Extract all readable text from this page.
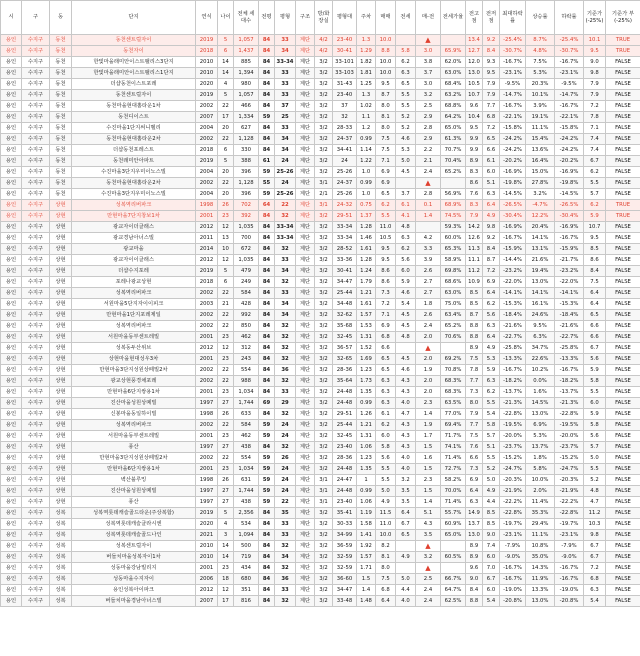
시	구	동	단지	연식	나이	전체 세대수	전평	평형	구조	방/화장실	평형대	주차	매매	전세	매-전	전세가율	전고점	전저점	최대하락률	상승률	하락률	기준가 (-25%)	기준가 부 (-25%)
용인	수지구	동천	동천센트럴자이	2019	5	1,057	84	33	계단	4/2	23-40	1.3	10.0		▲		13.4	9.2	-25.4%	8.7%	-25.4%	10.1	TRUE
용인	수지구	동천	동천자이	2018	6	1,437	84	34	계단	4/2	30-41	1.29	8.8	5.8	3.0	65.9%	12.7	8.4	-30.7%	4.8%	-30.7%	9.5	TRUE
용인	수지구	동천	한빛마을래미안이스트팰리스3단지	2010	14	885	84	33-34	계단	3/2	33-101	1.82	10.0	6.2	3.8	62.0%	12.0	9.3	-16.7%	7.5%	-16.7%	9.0	FALSE
용인	수지구	동천	한빛마을래미안이스트팰리스1단지	2010	14	1,394	84	33	계단	3/2	33-103	1.81	10.0	6.3	3.7	63.0%	13.0	9.5	-23.1%	5.3%	-23.1%	9.8	FALSE
용인	수지구	동천	더샵동천이스트포레	2020	4	980	84	33	계단	3/2	31-43	1.25	9.5	6.5	3.0	68.4%	10.5	7.9	-9.5%	20.3%	-9.5%	7.9	FALSE
용인	수지구	동천	동천센트럴자이	2019	5	1,057	84	33	계단	3/2	23-40	1.3	8.7	5.5	3.2	63.2%	10.7	7.9	-14.7%	10.1%	-14.7%	7.9	FALSE
용인	수지구	동천	동천마을현대홈타운1차	2002	22	466	84	37	계단	3/2	37	1.02	8.0	5.5	2.5	68.8%	9.6	7.7	-16.7%	3.9%	-16.7%	7.2	FALSE
용인	수지구	동천	동천디이스트	2007	17	1,334	59	25	계단	3/2	32	1.1	8.1	5.2	2.9	64.2%	10.4	6.8	-22.1%	19.1%	-22.1%	7.8	FALSE
용인	수지구	동천	수진마을1단지써니벨리	2004	20	627	84	33	계단	3/2	28-33	1.2	8.0	5.2	2.8	65.0%	9.5	7.2	-15.8%	11.1%	-15.8%	7.1	FALSE
용인	수지구	동천	동천마을현대홈타운2차	2002	22	1,128	84	34	계단	3/2	24-37	0.99	7.5	4.6	2.9	61.3%	9.9	6.5	-24.2%	15.4%	-24.2%	7.4	FALSE
용인	수지구	동천	더샵동천포레스트	2018	6	330	84	34	계단	3/2	34-41	1.14	7.5	5.3	2.2	70.7%	9.9	6.6	-24.2%	13.6%	-24.2%	7.4	FALSE
용인	수지구	동천	동천래미안아파트	2019	5	388	61	24	계단	3/2	24	1.22	7.1	5.0	2.1	70.4%	8.9	6.1	-20.2%	16.4%	-20.2%	6.7	FALSE
용인	수지구	동천	수진마을3단지우미이노스빌	2004	20	396	59	25-26	계단	3/2	25-26	1.0	6.9	4.5	2.4	65.2%	8.3	6.0	-16.9%	15.0%	-16.9%	6.2	FALSE
용인	수지구	동천	동천마을현대홈타운2차	2002	22	1,128	55	24	계단	3/1	24-37	0.99	6.9		▲		8.6	5.1	-19.8%	27.8%	-19.8%	5.5	FALSE
용인	수지구	동천	수진마을3단지우미이노스빌	2004	20	396	59	25-26	계단	2/1	25-26	1.0	6.5	3.7	2.8	56.9%	7.6	6.3	-14.5%	3.2%	-14.5%	5.7	FALSE
용인	수지구	상현	성복역리버파크	1998	26	702	64	22	계단	3/1	24-32	0.75	6.2	6.1	0.1	68.9%	8.3	6.4	-26.5%	-4.7%	-26.5%	6.2	TRUE
용인	수지구	상현	만현마을7단지창보1차	2001	23	392	84	32	계단	3/2	29-51	1.37	5.5	4.1	1.4	74.5%	7.9	4.9	-30.4%	12.2%	-30.4%	5.9	TRUE
용인	수지구	상현	광교자이더클래스	2012	12	1,035	84	33-34	계단	3/2	33-34	1.28	11.0	4.8		59.3%	14.2	9.8	-16.9%	20.4%	-16.9%	10.7	FALSE
용인	수지구	상현	광교경남아너스빌	2011	13	700	84	33-34	계단	3/2	33-34	1.46	10.5	6.3	4.2	60.0%	12.6	9.2	-16.7%	14.1%	-16.7%	9.5	FALSE
용인	수지구	상현	광교마을	2014	10	672	84	32	계단	3/2	28-52	1.61	9.5	6.2	3.3	65.3%	11.3	8.4	-15.9%	13.1%	-15.9%	8.5	FALSE
용인	수지구	상현	광교자이이클래스	2012	12	1,035	84	33	계단	3/2	33-36	1.28	9.5	5.6	3.9	58.9%	11.1	8.7	-14.4%	21.6%	-21.7%	8.6	FALSE
용인	수지구	상현	더샵수지포레	2019	5	479	84	34	계단	3/2	30-41	1.24	8.6	6.0	2.6	69.8%	11.2	7.2	-23.2%	19.4%	-23.2%	8.4	FALSE
용인	수지구	상현	포레나광교상현	2018	6	249	84	32	계단	3/2	34-47	1.79	8.6	5.9	2.7	68.6%	10.9	6.9	-22.0%	13.0%	-22.0%	7.5	FALSE
용인	수지구	상현	성복역리버파크	2002	22	584	84	33	계단	3/2	25-44	1.21	7.3	4.6	2.7	63.0%	8.5	6.4	-14.1%	14.1%	-14.1%	6.4	FALSE
용인	수지구	상현	서원마을5단지자이이피크	2003	21	428	84	34	계단	3/2	34-48	1.61	7.2	5.4	1.8	75.0%	8.5	6.2	-15.3%	16.1%	-15.3%	6.4	FALSE
용인	수지구	상현	만현마을1단지포레제일	2002	22	992	84	34	계단	3/2	32-62	1.57	7.1	4.5	2.6	63.4%	8.7	5.6	-18.4%	24.6%	-18.4%	6.5	FALSE
용인	수지구	상현	성복역리버파크	2002	22	850	84	32	계단	3/2	35-68	1.53	6.9	4.5	2.4	65.2%	8.8	6.3	-21.6%	9.5%	-21.6%	6.6	FALSE
용인	수지구	상현	서원마을동부센트레빌	2001	23	462	84	32	계단	3/2	32-45	1.31	6.8	4.8	2.0	70.6%	8.8	6.4	-22.7%	6.3%	-22.7%	6.6	FALSE
용인	수지구	상현	성복동두산위브	2012	12	312	84	32	계단	3/2	36-57	1.52	6.6		▲		8.9	4.9	-25.8%	34.7%	-25.8%	6.7	FALSE
용인	수지구	상현	상현마을현대성우3차	2001	23	243	84	32	계단	3/2	32-65	1.69	6.5	4.5	2.0	69.2%	7.5	5.3	-13.3%	22.6%	-13.3%	5.6	FALSE
용인	수지구	상현	만현마을3단지성원상떼빌2차	2002	22	554	84	36	계단	3/2	28-36	1.23	6.5	4.6	1.9	70.8%	7.8	5.9	-16.7%	10.2%	-16.7%	5.9	FALSE
용인	수지구	상현	광교상현풍경채포레	2002	22	988	84	32	계단	3/2	35-64	1.73	6.3	4.3	2.0	68.3%	7.7	6.3	-18.2%	0.0%	-18.2%	5.8	FALSE
용인	수지구	상현	만현마을6단지쌍용1차	2001	23	1,034	84	33	계단	3/2	24-48	1.35	6.3	4.3	2.0	68.3%	7.3	6.2	-13.7%	1.6%	-13.7%	5.5	FALSE
용인	수지구	상현	진산마을성원상떼빌	1997	27	1,744	69	29	계단	3/2	24-48	0.99	6.3	4.0	2.3	63.5%	8.0	5.5	-21.3%	14.5%	-21.3%	6.0	FALSE
용인	수지구	상현	신봉마을동일하이빌	1998	26	633	84	32	계단	3/2	29-51	1.26	6.1	4.7	1.4	77.0%	7.9	5.4	-22.8%	13.0%	-22.8%	5.9	FALSE
용인	수지구	상현	성복역리버파크	2002	22	584	59	24	계단	3/2	25-44	1.21	6.2	4.3	1.9	69.4%	7.7	5.8	-19.5%	6.9%	-19.5%	5.8	FALSE
용인	수지구	상현	서원마을동부센트레빌	2001	23	462	59	24	계단	3/2	32-45	1.31	6.0	4.3	1.7	71.7%	7.5	5.7	-20.0%	5.3%	-20.0%	5.6	FALSE
용인	수지구	상현	풍산	1997	27	438	84	32	계단	3/2	23-40	1.06	5.8	4.3	1.5	74.1%	7.6	5.1	-23.7%	13.7%	-23.7%	5.7	FALSE
용인	수지구	상현	만현마을3단지성원상떼빌2차	2002	22	554	59	26	계단	3/2	28-36	1.23	5.6	4.0	1.6	71.4%	6.6	5.5	-15.2%	1.8%	-15.2%	5.0	FALSE
용인	수지구	상현	만현마을6단지쌍용1차	2001	23	1,034	59	24	계단	3/2	24-48	1.35	5.5	4.0	1.5	72.7%	7.3	5.2	-24.7%	5.8%	-24.7%	5.5	FALSE
용인	수지구	상현	벽산블루밍	1998	26	631	59	24	계단	3/1	24-47	1	5.5	3.2	2.3	58.2%	6.9	5.0	-20.3%	10.0%	-20.3%	5.2	FALSE
용인	수지구	상현	진산마을성원상떼빌	1997	27	1,744	59	24	계단	3/1	24-48	0.99	5.0	3.5	1.5	70.0%	6.4	4.9	-21.9%	2.0%	-21.9%	4.8	FALSE
용인	수지구	상현	풍산	1997	27	438	59	22	계단	3/1	23-40	1.06	4.9	3.5	1.4	71.4%	6.3	4.4	-22.2%	11.4%	-22.2%	4.7	FALSE
용인	수지구	성복	성복역롯데캐슬골드타운(주상복합)	2019	5	2,356	84	35	계단	3/2	35-41	1.19	11.5	6.4	5.1	55.7%	14.9	8.5	-22.8%	35.3%	-22.8%	11.2	FALSE
용인	수지구	성복	성복역롯데캐슬클라시엔	2020	4	534	84	33	계단	3/2	30-33	1.58	11.0	6.7	4.3	60.9%	13.7	8.5	-19.7%	29.4%	-19.7%	10.3	FALSE
용인	수지구	성복	성복역롯데캐슬골드나인	2021	3	1,094	84	33	계단	3/2	34-99	1.41	10.0	6.5	3.5	65.0%	13.0	9.0	-23.1%	11.1%	-23.1%	9.8	FALSE
용인	수지구	성복	성복센트럴자이	2010	14	500	84	32	계단	3/2	36-59	1.92	8.2		▲		8.9	7.4	-7.9%	10.8%	-7.9%	6.7	FALSE
용인	수지구	성복	버들치마을성복자이1차	2010	14	719	84	34	계단	3/2	32-59	1.57	8.1	4.9	3.2	60.5%	8.9	6.0	-9.0%	35.0%	-9.0%	6.7	FALSE
용인	수지구	성복	성동마을강남빌리지	2001	23	434	84	32	계단	3/2	32-59	1.71	8.0		▲		9.6	7.0	-16.7%	14.3%	-16.7%	7.2	FALSE
용인	수지구	성복	성동마을수지자이	2006	18	680	84	36	계단	3/2	36-60	1.5	7.5	5.0	2.5	66.7%	9.0	6.7	-16.7%	11.9%	-16.7%	6.8	FALSE
용인	수지구	성복	용인성복아이파크	2012	12	351	84	33	계단	3/2	34-47	1.4	6.8	4.4	2.4	64.7%	8.4	6.0	-19.0%	13.3%	-19.0%	6.3	FALSE
용인	수지구	성복	버들치마을경남아너스빌	2007	17	816	84	32	계단	3/2	33-48	1.48	6.4	4.0	2.4	62.5%	8.8	5.4	-20.8%	13.0%	-20.8%	5.4	FALSE
